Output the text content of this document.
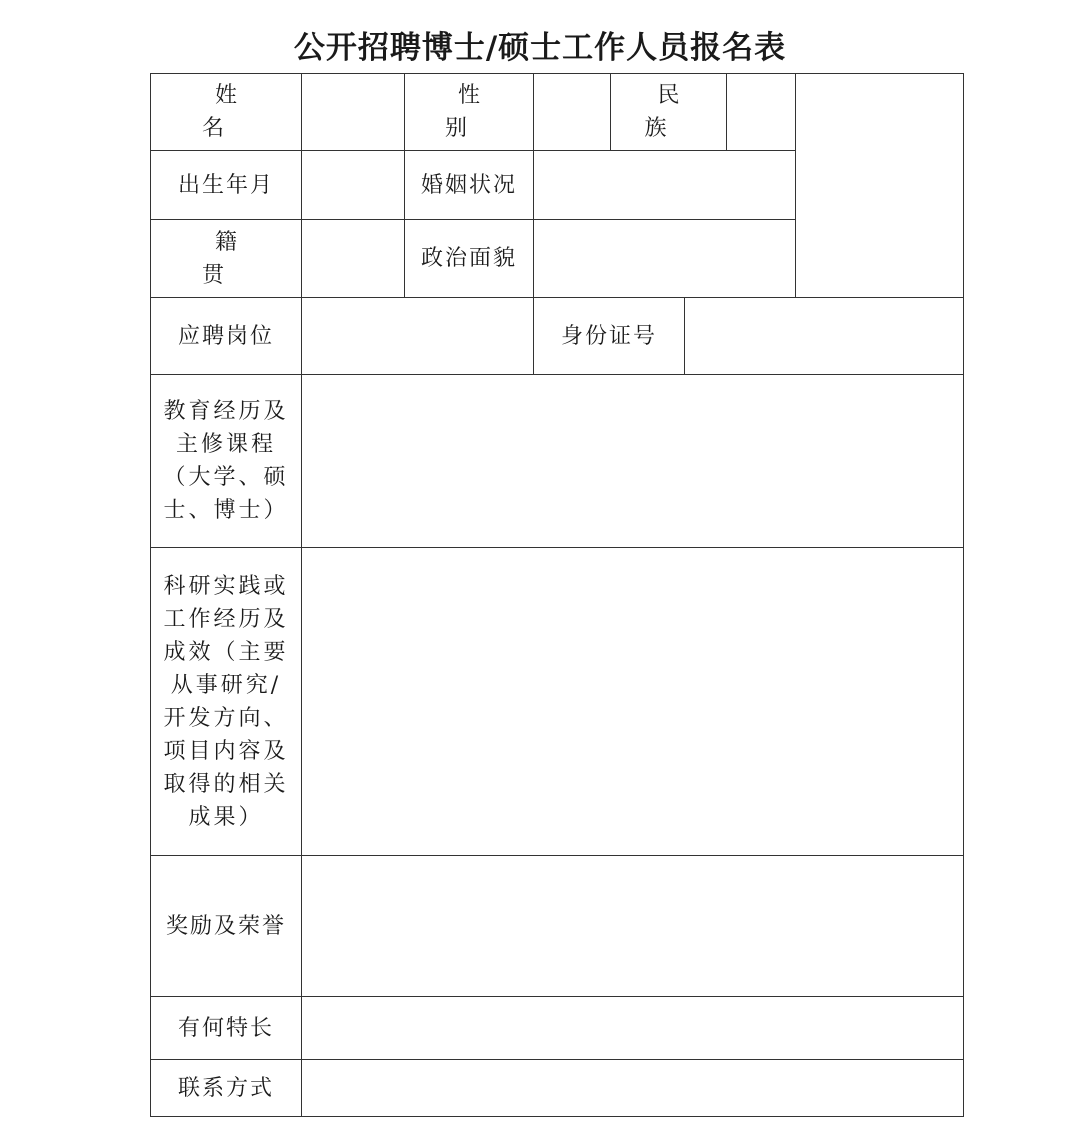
公开招聘博士/硕士工作人员报名表
姓 名		性 别		民 族			
出生年月		婚姻状况					
籍 贯		政治面貌					
应聘岗位			身份证号				
教育经历及主修课程（大学、硕士、博士）							
科研实践或工作经历及成效（主要从事研究/开发方向、项目内容及取得的相关成果）							
奖励及荣誉							
有何特长							
联系方式							
